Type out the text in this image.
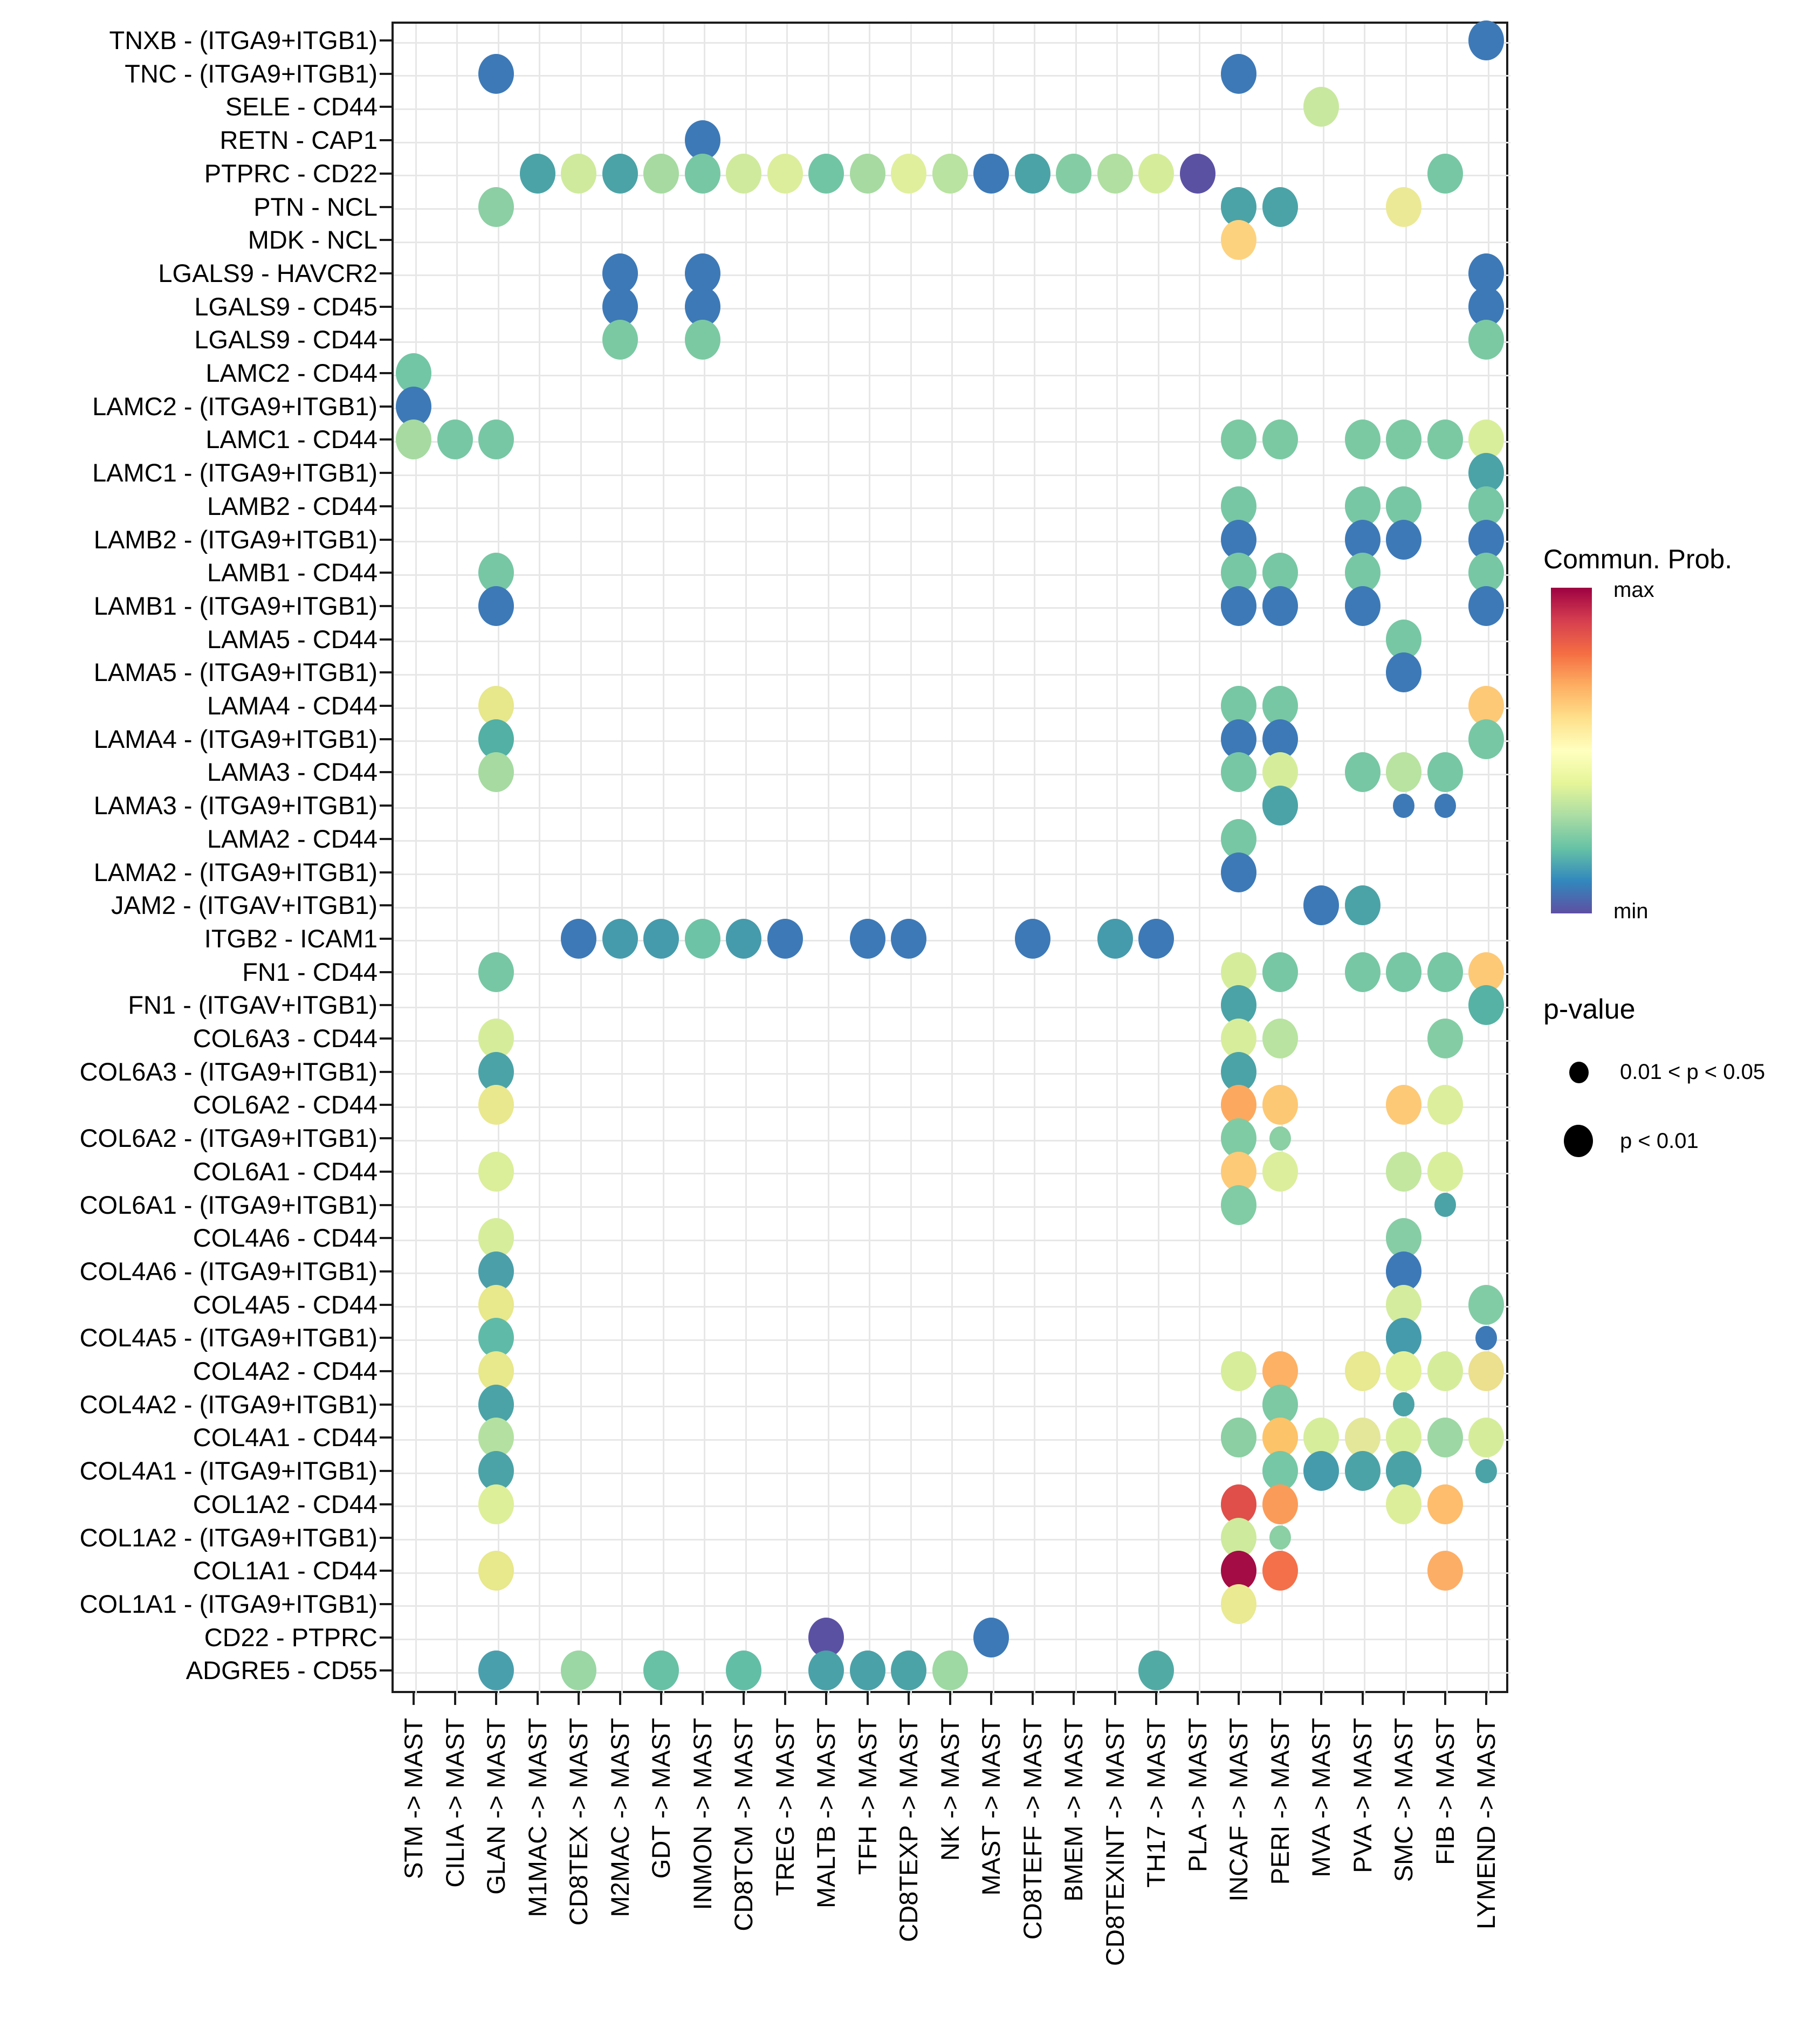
TNXB - (ITGA9+ITGB1)
TNC - (ITGA9+ITGB1)
SELE - CD44
RETN - CAP1
PTPRC - CD22
PTN - NCL
MDK - NCL
LGALS9 - HAVCR2
LGALS9 - CD45
LGALS9 - CD44
LAMC2 - CD44
LAMC2 - (ITGA9+ITGB1)
LAMC1 - CD44
LAMC1 - (ITGA9+ITGB1)
LAMB2 - CD44
LAMB2 - (ITGA9+ITGB1)
LAMB1 - CD44
LAMB1 - (ITGA9+ITGB1)
LAMA5 - CD44
LAMA5 - (ITGA9+ITGB1)
LAMA4 - CD44
LAMA4 - (ITGA9+ITGB1)
LAMA3 - CD44
LAMA3 - (ITGA9+ITGB1)
LAMA2 - CD44
LAMA2 - (ITGA9+ITGB1)
JAM2 - (ITGAV+ITGB1)
ITGB2 - ICAM1
FN1 - CD44
FN1 - (ITGAV+ITGB1)
COL6A3 - CD44
COL6A3 - (ITGA9+ITGB1)
COL6A2 - CD44
COL6A2 - (ITGA9+ITGB1)
COL6A1 - CD44
COL6A1 - (ITGA9+ITGB1)
COL4A6 - CD44
COL4A6 - (ITGA9+ITGB1)
COL4A5 - CD44
COL4A5 - (ITGA9+ITGB1)
COL4A2 - CD44
COL4A2 - (ITGA9+ITGB1)
COL4A1 - CD44
COL4A1 - (ITGA9+ITGB1)
COL1A2 - CD44
COL1A2 - (ITGA9+ITGB1)
COL1A1 - CD44
COL1A1 - (ITGA9+ITGB1)
CD22 - PTPRC
ADGRE5 - CD55
STM -> MAST CILIA -> MAST GLAN -> MAST M1MAC -> MAST CD8TEX -> MAST M2MAC -> MAST GDT -> MAST INMON -> MAST CD8TCM -> MAST TREG -> MAST MALTB -> MAST TFH -> MAST CD8TEXP -> MAST NK -> MAST MAST -> MAST CD8TEFF -> MAST BMEM -> MAST CD8TEXINT -> MAST TH17 -> MAST PLA -> MAST INCAF -> MAST PERI -> MAST MVA -> MAST PVA -> MAST SMC -> MAST FIB -> MAST LYMEND -> MAST
Commun. Prob.
max
min
p-value
0.01 < p < 0.05
p < 0.01
